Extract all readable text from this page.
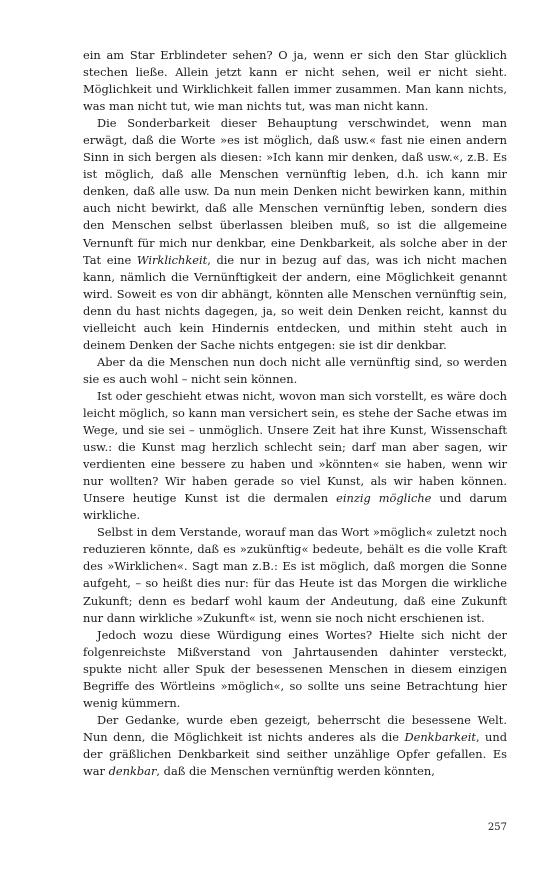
ein am Star Erblindeter sehen? O ja, wenn er sich den Star glücklich stechen ließe. Allein jetzt kann er nicht sehen, weil er nicht sieht. Möglichkeit und Wirklichkeit fallen immer zusammen. Man kann nichts, was man nicht tut, wie man nichts tut, was man nicht kann.

Die Sonderbarkeit dieser Behauptung verschwindet, wenn man erwägt, daß die Worte »es ist möglich, daß usw.« fast nie einen andern Sinn in sich bergen als diesen: »Ich kann mir denken, daß usw.«, z.B. Es ist möglich, daß alle Menschen vernünftig leben, d.h. ich kann mir denken, daß alle usw. Da nun mein Denken nicht bewirken kann, mithin auch nicht bewirkt, daß alle Menschen vernünftig leben, sondern dies den Menschen selbst überlassen bleiben muß, so ist die allgemeine Vernunft für mich nur denkbar, eine Denkbarkeit, als solche aber in der Tat eine Wirklichkeit, die nur in bezug auf das, was ich nicht machen kann, nämlich die Vernünftigkeit der andern, eine Möglichkeit genannt wird. Soweit es von dir abhängt, könnten alle Menschen vernünftig sein, denn du hast nichts dagegen, ja, so weit dein Denken reicht, kannst du vielleicht auch kein Hindernis entdecken, und mithin steht auch in deinem Denken der Sache nichts entgegen: sie ist dir denkbar.

Aber da die Menschen nun doch nicht alle vernünftig sind, so werden sie es auch wohl – nicht sein können.

Ist oder geschieht etwas nicht, wovon man sich vorstellt, es wäre doch leicht möglich, so kann man versichert sein, es stehe der Sache etwas im Wege, und sie sei – unmöglich. Unsere Zeit hat ihre Kunst, Wissenschaft usw.: die Kunst mag herzlich schlecht sein; darf man aber sagen, wir verdienten eine bessere zu haben und »könnten« sie haben, wenn wir nur wollten? Wir haben gerade so viel Kunst, als wir haben können. Unsere heutige Kunst ist die dermalen einzig mögliche und darum wirkliche.

Selbst in dem Verstande, worauf man das Wort »möglich« zuletzt noch reduzieren könnte, daß es »zukünftig« bedeute, behält es die volle Kraft des »Wirklichen«. Sagt man z.B.: Es ist möglich, daß morgen die Sonne aufgeht, – so heißt dies nur: für das Heute ist das Morgen die wirkliche Zukunft; denn es bedarf wohl kaum der Andeutung, daß eine Zukunft nur dann wirkliche »Zukunft« ist, wenn sie noch nicht erschienen ist.

Jedoch wozu diese Würdigung eines Wortes? Hielte sich nicht der folgenreichste Mißverstand von Jahrtausenden dahinter versteckt, spukte nicht aller Spuk der besessenen Menschen in diesem einzigen Begriffe des Wörtleins »möglich«, so sollte uns seine Betrachtung hier wenig kümmern.

Der Gedanke, wurde eben gezeigt, beherrscht die besessene Welt. Nun denn, die Möglichkeit ist nichts anderes als die Denkbarkeit, und der gräßlichen Denkbarkeit sind seither unzählige Opfer gefallen. Es war denkbar, daß die Menschen vernünftig werden könnten,

257
